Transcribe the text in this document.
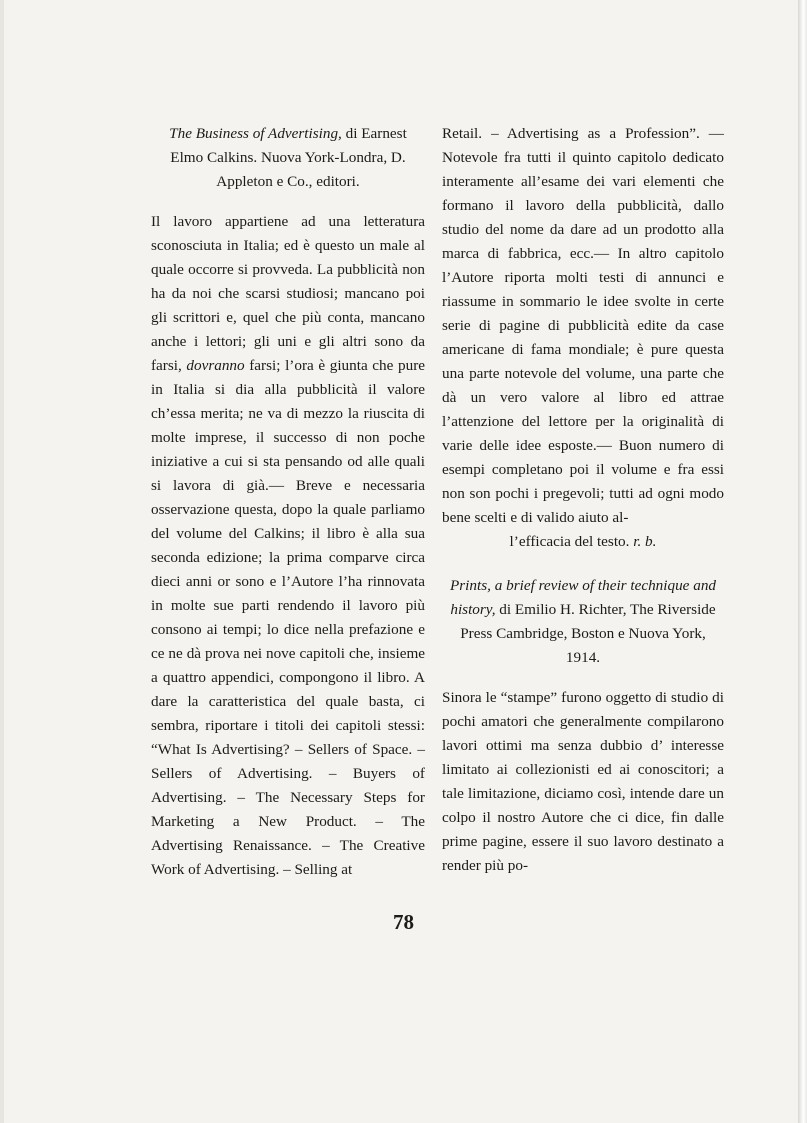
The Business of Advertising, di Earnest Elmo Calkins. Nuova York-Londra, D. Appleton e Co., editori.

Il lavoro appartiene ad una letteratura sconosciuta in Italia; ed è questo un male al quale occorre si provveda. La pubblicità non ha da noi che scarsi studiosi; mancano poi gli scrittori e, quel che più conta, mancano anche i lettori; gli uni e gli altri sono da farsi, dovranno farsi; l’ora è giunta che pure in Italia si dia alla pubblicità il valore ch’essa merita; ne va di mezzo la riuscita di molte imprese, il successo di non poche iniziative a cui si sta pensando od alle quali si lavora di già.— Breve e necessaria osservazione questa, dopo la quale parliamo del volume del Calkins; il libro è alla sua seconda edizione; la prima comparve circa dieci anni or sono e l’Autore l’ha rinnovata in molte sue parti rendendo il lavoro più consono ai tempi; lo dice nella prefazione e ce ne dà prova nei nove capitoli che, insieme a quattro appendici, compongono il libro. A dare la caratteristica del quale basta, ci sembra, riportare i titoli dei capitoli stessi: “What Is Advertising? – Sellers of Space. – Sellers of Advertising. – Buyers of Advertising. – The Necessary Steps for Marketing a New Product. – The Advertising Renaissance. – The Creative Work of Advertising. – Selling at

Retail. – Advertising as a Profession”. — Notevole fra tutti il quinto capitolo dedicato interamente all’esame dei vari elementi che formano il lavoro della pubblicità, dallo studio del nome da dare ad un prodotto alla marca di fabbrica, ecc.— In altro capitolo l’Autore riporta molti testi di annunci e riassume in sommario le idee svolte in certe serie di pagine di pubblicità edite da case americane di fama mondiale; è pure questa una parte notevole del volume, una parte che dà un vero valore al libro ed attrae l’attenzione del lettore per la originalità di varie delle idee esposte.— Buon numero di esempi completano poi il volume e fra essi non son pochi i pregevoli; tutti ad ogni modo bene scelti e di valido aiuto al-

l’efficacia del testo. r. b.

Prints, a brief review of their technique and history, di Emilio H. Richter, The Riverside Press Cambridge, Boston e Nuova York, 1914.

Sinora le “stampe” furono oggetto di studio di pochi amatori che generalmente compilarono lavori ottimi ma senza dubbio d’ interesse limitato ai collezionisti ed ai conoscitori; a tale limitazione, diciamo così, intende dare un colpo il nostro Autore che ci dice, fin dalle prime pagine, essere il suo lavoro destinato a render più po-

78
